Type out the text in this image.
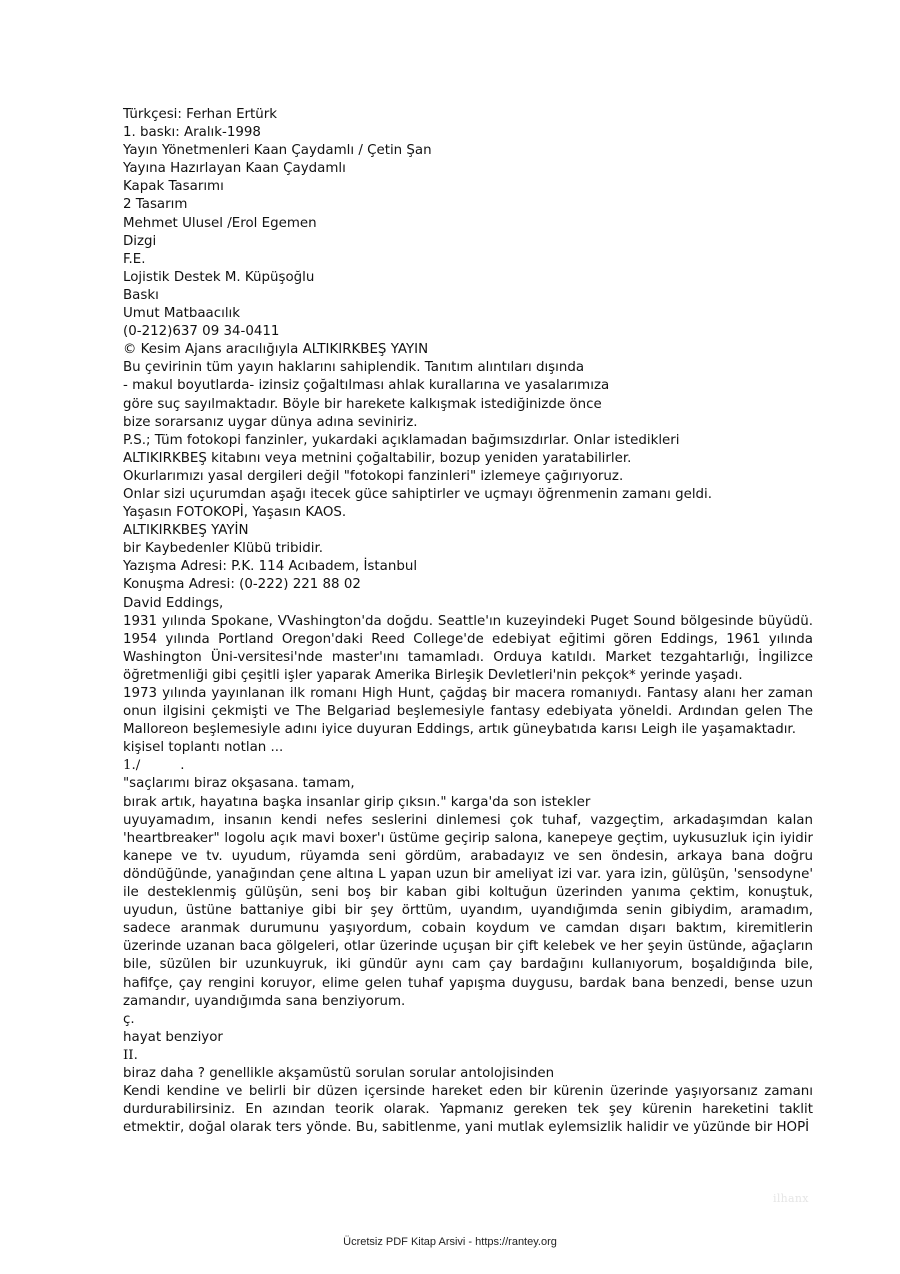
Türkçesi: Ferhan Ertürk
1. baskı: Aralık-1998
Yayın Yönetmenleri Kaan Çaydamlı / Çetin Şan
Yayına Hazırlayan Kaan Çaydamlı
Kapak Tasarımı
2 Tasarım
Mehmet Ulusel /Erol Egemen
Dizgi
F.E.
Lojistik Destek M. Küpüşoğlu
Baskı
Umut Matbaacılık
(0-212)637 09 34-0411
© Kesim Ajans aracılığıyla ALTIKIRKBEŞ YAYIN
Bu çevirinin tüm yayın haklarını sahiplendik. Tanıtım alıntıları dışında
- makul boyutlarda- izinsiz çoğaltılması ahlak kurallarına ve yasalarımıza
göre suç sayılmaktadır. Böyle bir harekete kalkışmak istediğinizde önce
bize sorarsanız uygar dünya adına seviniriz.
P.S.; Tüm fotokopi fanzinler, yukardaki açıklamadan bağımsızdırlar. Onlar istedikleri
ALTIKIRKBEŞ kitabını veya metnini çoğaltabilir, bozup yeniden yaratabilirler.
Okurlarımızı yasal dergileri değil "fotokopi fanzinleri" izlemeye çağırıyoruz.
Onlar sizi uçurumdan aşağı itecek güce sahiptirler ve uçmayı öğrenmenin zamanı geldi.
Yaşasın FOTOKOPİ, Yaşasın KAOS.
ALTIKIRKBEŞ YAYİN
bir Kaybedenler Klübü tribidir.
Yazışma Adresi: P.K. 114 Acıbadem, İstanbul
Konuşma Adresi: (0-222) 221 88 02
David Eddings,
1931 yılında Spokane, VVashington'da doğdu. Seattle'ın kuzeyindeki Puget Sound bölgesinde büyüdü. 1954 yılında Portland Oregon'daki Reed College'de edebiyat eğitimi gören Eddings, 1961 yılında Washington Üni-versitesi'nde master'ını tamamladı. Orduya katıldı. Market tezgahtarlığı, İngilizce öğretmenliği gibi çeşitli işler yaparak Amerika Birleşik Devletleri'nin pekçok* yerinde yaşadı.
1973 yılında yayınlanan ilk romanı High Hunt, çağdaş bir macera romanıydı. Fantasy alanı her zaman onun ilgisini çekmişti ve The Belgariad beşlemesiyle fantasy edebiyata yöneldi. Ardından gelen The Malloreon beşlemesiyle adını iyice duyuran Eddings, artık güneybatıda karısı Leigh ile yaşamaktadır.
kişisel toplantı notlan ...
1./	.
"saçlarımı biraz okşasana. tamam,
bırak artık, hayatına başka insanlar girip çıksın." karga'da son istekler
uyuyamadım, insanın kendi nefes seslerini dinlemesi çok tuhaf, vazgeçtim, arkadaşımdan kalan 'heartbreaker" logolu açık mavi boxer'ı üstüme geçirip salona, kanepeye geçtim, uykusuzluk için iyidir kanepe ve tv. uyudum, rüyamda seni gördüm, arabadayız ve sen öndesin, arkaya bana doğru döndüğünde, yanağından çene altına L yapan uzun bir ameliyat izi var. yara izin, gülüşün, 'sensodyne' ile desteklenmiş gülüşün, seni boş bir kaban gibi koltuğun üzerinden yanıma çektim, konuştuk, uyudun, üstüne battaniye gibi bir şey örttüm, uyandım, uyandığımda senin gibiydim, aramadım, sadece aranmak durumunu yaşıyordum, cobain koydum ve camdan dışarı baktım, kiremitlerin üzerinde uzanan baca gölgeleri, otlar üzerinde uçuşan bir çift kelebek ve her şeyin üstünde, ağaçların bile, süzülen bir uzunkuyruk, iki gündür aynı cam çay bardağını kullanıyorum, boşaldığında bile, hafifçe, çay rengini koruyor, elime gelen tuhaf yapışma duygusu, bardak bana benzedi, bense uzun zamandır, uyandığımda sana benziyorum.
ç.
hayat benziyor
II.
biraz daha ? genellikle akşamüstü sorulan sorular antolojisinden
Kendi kendine ve belirli bir düzen içersinde hareket eden bir kürenin üzerinde yaşıyorsanız zamanı durdurabilirsiniz. En azından teorik olarak. Yapmanız gereken tek şey kürenin hareketini taklit etmektir, doğal olarak ters yönde. Bu, sabitlenme, yani mutlak eylemsizlik halidir ve yüzünde bir HOPİ
ilhanx
Ücretsiz PDF Kitap Arsivi - https://rantey.org
